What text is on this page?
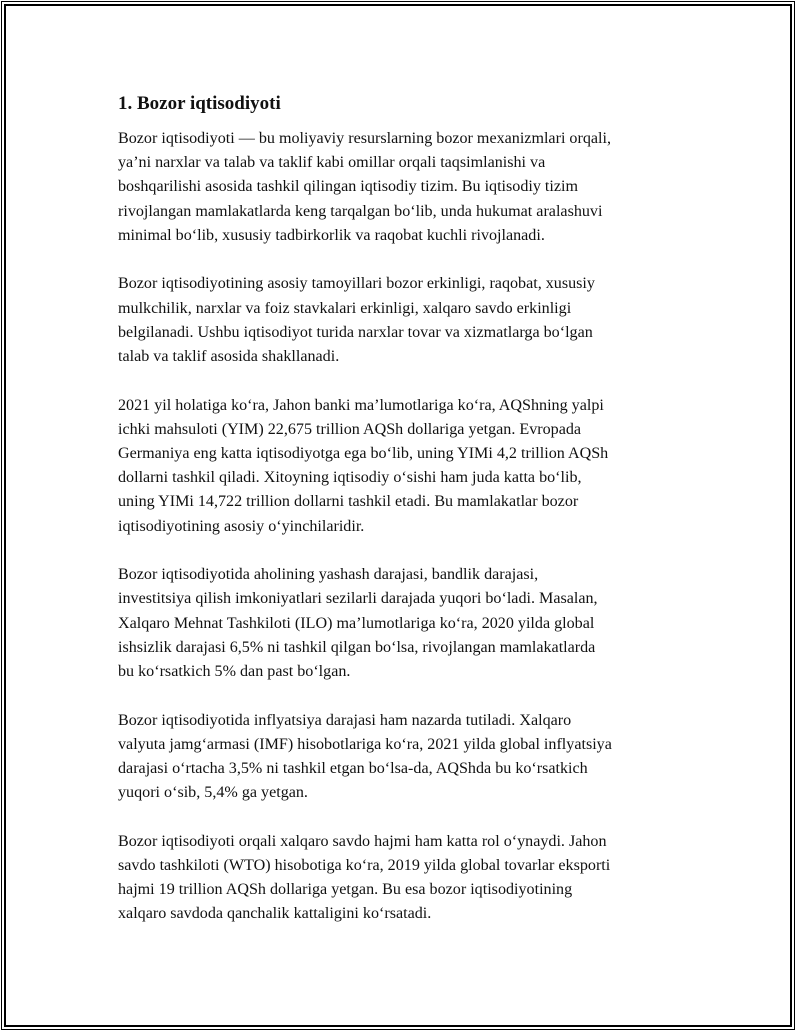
1. Bozor iqtisodiyoti

Bozor iqtisodiyoti — bu moliyaviy resurslarning bozor mexanizmlari orqali,
ya’ni narxlar va talab va taklif kabi omillar orqali taqsimlanishi va
boshqarilishi asosida tashkil qilingan iqtisodiy tizim. Bu iqtisodiy tizim
rivojlangan mamlakatlarda keng tarqalgan bo‘lib, unda hukumat aralashuvi
minimal bo‘lib, xususiy tadbirkorlik va raqobat kuchli rivojlanadi.

Bozor iqtisodiyotining asosiy tamoyillari bozor erkinligi, raqobat, xususiy
mulkchilik, narxlar va foiz stavkalari erkinligi, xalqaro savdo erkinligi
belgilanadi. Ushbu iqtisodiyot turida narxlar tovar va xizmatlarga bo‘lgan
talab va taklif asosida shakllanadi.

2021 yil holatiga ko‘ra, Jahon banki ma’lumotlariga ko‘ra, AQShning yalpi
ichki mahsuloti (YIM) 22,675 trillion AQSh dollariga yetgan. Evropada
Germaniya eng katta iqtisodiyotga ega bo‘lib, uning YIMi 4,2 trillion AQSh
dollarni tashkil qiladi. Xitoyning iqtisodiy o‘sishi ham juda katta bo‘lib,
uning YIMi 14,722 trillion dollarni tashkil etadi. Bu mamlakatlar bozor
iqtisodiyotining asosiy o‘yinchilaridir.

Bozor iqtisodiyotida aholining yashash darajasi, bandlik darajasi,
investitsiya qilish imkoniyatlari sezilarli darajada yuqori bo‘ladi. Masalan,
Xalqaro Mehnat Tashkiloti (ILO) ma’lumotlariga ko‘ra, 2020 yilda global
ishsizlik darajasi 6,5% ni tashkil qilgan bo‘lsa, rivojlangan mamlakatlarda
bu ko‘rsatkich 5% dan past bo‘lgan.

Bozor iqtisodiyotida inflyatsiya darajasi ham nazarda tutiladi. Xalqaro
valyuta jamg‘armasi (IMF) hisobotlariga ko‘ra, 2021 yilda global inflyatsiya
darajasi o‘rtacha 3,5% ni tashkil etgan bo‘lsa-da, AQShda bu ko‘rsatkich
yuqori o‘sib, 5,4% ga yetgan.

Bozor iqtisodiyoti orqali xalqaro savdo hajmi ham katta rol o‘ynaydi. Jahon
savdo tashkiloti (WTO) hisobotiga ko‘ra, 2019 yilda global tovarlar eksporti
hajmi 19 trillion AQSh dollariga yetgan. Bu esa bozor iqtisodiyotining
xalqaro savdoda qanchalik kattaligini ko‘rsatadi.
